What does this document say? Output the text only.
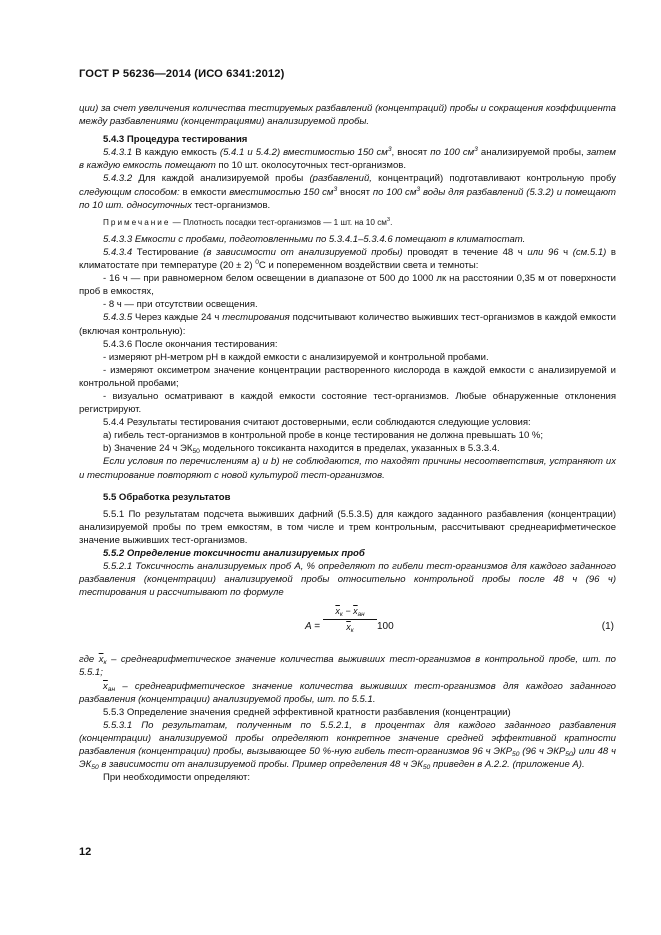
ГОСТ Р 56236—2014 (ИСО 6341:2012)

ции) за счет увеличения количества тестируемых разбавлений (концентраций) пробы и сокращения коэффициента между разбавлениями (концентрациями) анализируемой пробы.

5.4.3 Процедура тестирования

5.4.3.1 В каждую емкость (5.4.1 и 5.4.2) вместимостью 150 $см^3$, вносят по 100 $см^3$ анализируемой пробы, затем в каждую емкость помещают по 10 шт. околосуточных тест-организмов.

5.4.3.2 Для каждой анализируемой пробы (разбавлений, концентраций) подготавливают контрольную пробу следующим способом: в емкости вместимостью 150 $см^3$ вносят по 100 $см^3$ воды для разбавлений (5.3.2) и помещают по 10 шт. односуточных тест-организмов.

Примечание — Плотность посадки тест-организмов — 1 шт. на 10 $см^3$.

5.4.3.3 Емкости с пробами, подготовленными по 5.3.4.1–5.3.4.6 помещают в климатостат.

5.4.3.4 Тестирование (в зависимости от анализируемой пробы) проводят в течение 48 ч или 96 ч (см.5.1) в климатостате при температуре (20 ± 2) $^0$С и попеременном воздействии света и темноты:

- 16 ч — при равномерном белом освещении в диапазоне от 500 до 1000 лк на расстоянии 0,35 м от поверхности проб в емкостях,

- 8 ч — при отсутствии освещения.

5.4.3.5 Через каждые 24 ч тестирования подсчитывают количество выживших тест-организмов в каждой емкости (включая контрольную):

5.4.3.6 После окончания тестирования:

- измеряют pH-метром pH в каждой емкости с анализируемой и контрольной пробами.

- измеряют оксиметром значение концентрации растворенного кислорода в каждой емкости с анализируемой и контрольной пробами;

- визуально осматривают в каждой емкости состояние тест-организмов. Любые обнаруженные отклонения регистрируют.

5.4.4 Результаты тестирования считают достоверными, если соблюдаются следующие условия:

а) гибель тест-организмов в контрольной пробе в конце тестирования не должна превышать 10 %;

b) Значение 24 ч $ЭК_{50}$ модельного токсиканта находится в пределах, указанных в 5.3.3.4.

Если условия по перечислениям а) и b) не соблюдаются, то находят причины несоответствия, устраняют их и тестирование повторяют с новой культурой тест-организмов.

5.5 Обработка результатов

5.5.1 По результатам подсчета выживших дафний (5.5.3.5) для каждого заданного разбавления (концентрации) анализируемой пробы по трем емкостям, в том числе и трем контрольным, рассчитывают среднеарифметическое значение выживших тест-организмов.

5.5.2 Определение токсичности анализируемых проб

5.5.2.1 Токсичность анализируемых проб А, % определяют по гибели тест-организмов для каждого заданного разбавления (концентрации) анализируемой пробы относительно контрольной пробы после 48 ч (96 ч) тестирования и рассчитывают по формуле

A =
$\overline{x}_к - \overline{x}_{ан}$
$\overline{x}_к$	100	(1)

где $\overline{x}_к$ – среднеарифметическое значение количества выживших тест-организмов в контрольной пробе, шт. по 5.5.1;

$\overline{x}_{ан}$ – среднеарифметическое значение количества выживших тест-организмов для каждого заданного разбавления (концентрации) анализируемой пробы, шт. по 5.5.1.

5.5.3 Определение значения средней эффективной кратности разбавления (концентрации)

5.5.3.1 По результатам, полученным по 5.5.2.1, в процентах для каждого заданного разбавления (концентрации) анализируемой пробы определяют конкретное значение средней эффективной кратности разбавления (концентрации) пробы, вызывающее 50 %-ную гибель тест-организмов 96 ч $ЭКР_{50}$ (96 ч $ЭКР_{50}$) или 48 ч $ЭК_{50}$ в зависимости от анализируемой пробы. Пример определения 48 ч $ЭК_{50}$ приведен в А.2.2. (приложение А).

При необходимости определяют:

12
